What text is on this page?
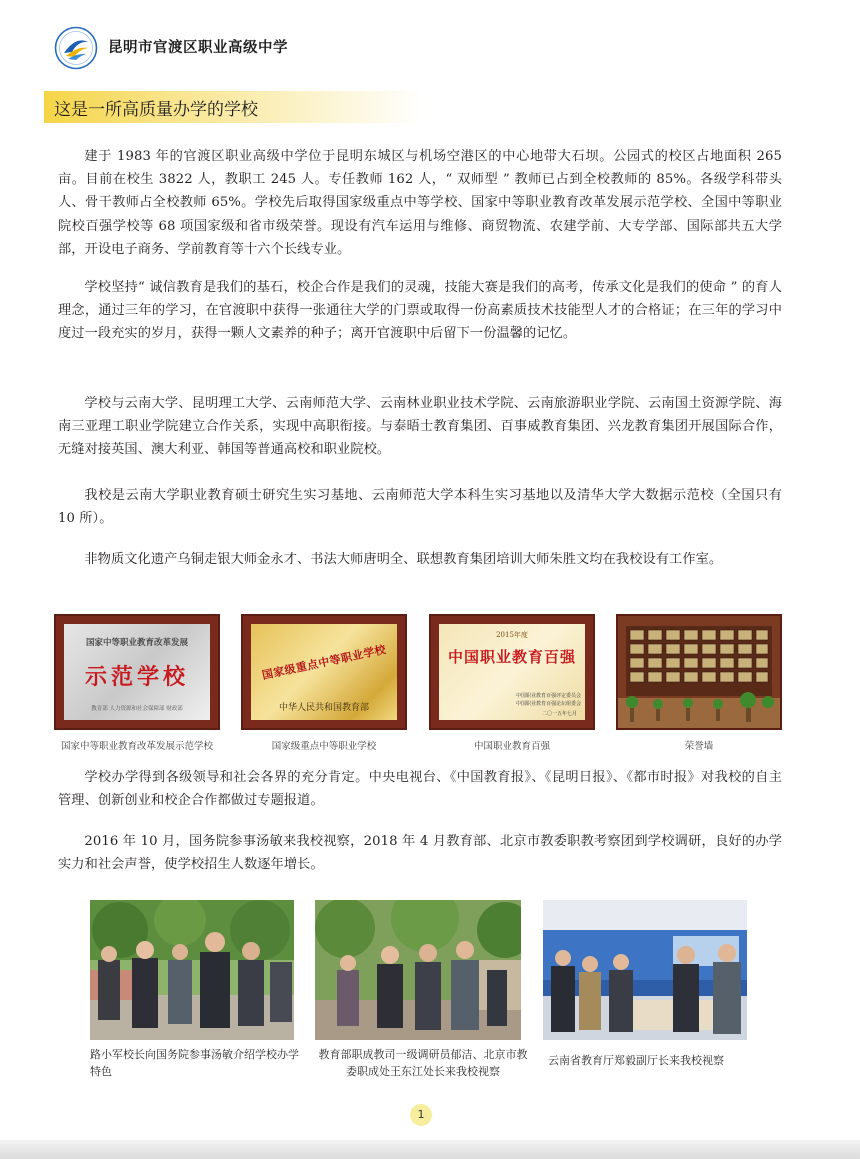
昆明市官渡区职业高级中学
这是一所高质量办学的学校

建于 1983 年的官渡区职业高级中学位于昆明东城区与机场空港区的中心地带大石坝。公园式的校区占地面积 265 亩。目前在校生 3822 人，教职工 245 人。专任教师 162 人，“ 双师型 ” 教师已占到全校教师的 85%。各级学科带头人、骨干教师占全校教师 65%。学校先后取得国家级重点中等学校、国家中等职业教育改革发展示范学校、全国中等职业院校百强学校等 68 项国家级和省市级荣誉。现设有汽车运用与维修、商贸物流、农建学前、大专学部、国际部共五大学部，开设电子商务、学前教育等十六个长线专业。

学校坚持“ 诚信教育是我们的基石，校企合作是我们的灵魂，技能大赛是我们的高考，传承文化是我们的使命 ” 的育人理念，通过三年的学习，在官渡职中获得一张通往大学的门票或取得一份高素质技术技能型人才的合格证；在三年的学习中度过一段充实的岁月，获得一颗人文素养的种子；离开官渡职中后留下一份温馨的记忆。

学校与云南大学、昆明理工大学、云南师范大学、云南林业职业技术学院、云南旅游职业学院、云南国土资源学院、海南三亚理工职业学院建立合作关系，实现中高职衔接。与泰晤士教育集团、百事威教育集团、兴龙教育集团开展国际合作，无缝对接英国、澳大利亚、韩国等普通高校和职业院校。

我校是云南大学职业教育硕士研究生实习基地、云南师范大学本科生实习基地以及清华大学大数据示范校（全国只有 10 所）。

非物质文化遗产乌铜走银大师金永才、书法大师唐明全、联想教育集团培训大师朱胜文均在我校设有工作室。

学校办学得到各级领导和社会各界的充分肯定。中央电视台、《中国教育报》、《昆明日报》、《都市时报》对我校的自主管理、创新创业和校企合作都做过专题报道。

2016 年 10 月，国务院参事汤敏来我校视察，2018 年 4 月教育部、北京市教委职教考察团到学校调研，良好的办学实力和社会声誉，使学校招生人数逐年增长。

国家中等职业教育改革发展
示范学校
教育部 人力资源和社会保障部 财政部
国家中等职业教育改革发展示范学校
国家级重点中等职业学校
中华人民共和国教育部
国家级重点中等职业学校
2015年度
中国职业教育百强
中国职业教育百强评定委员会
中国职业教育百强论坛组委会
二〇一五年七月
中国职业教育百强	荣誉墙
路小军校长向国务院参事汤敏介绍学校办学特色
教育部职成教司一级调研员郁洁、北京市教委职成处王东江处长来我校视察
云南省教育厅郑毅副厅长来我校视察
1
